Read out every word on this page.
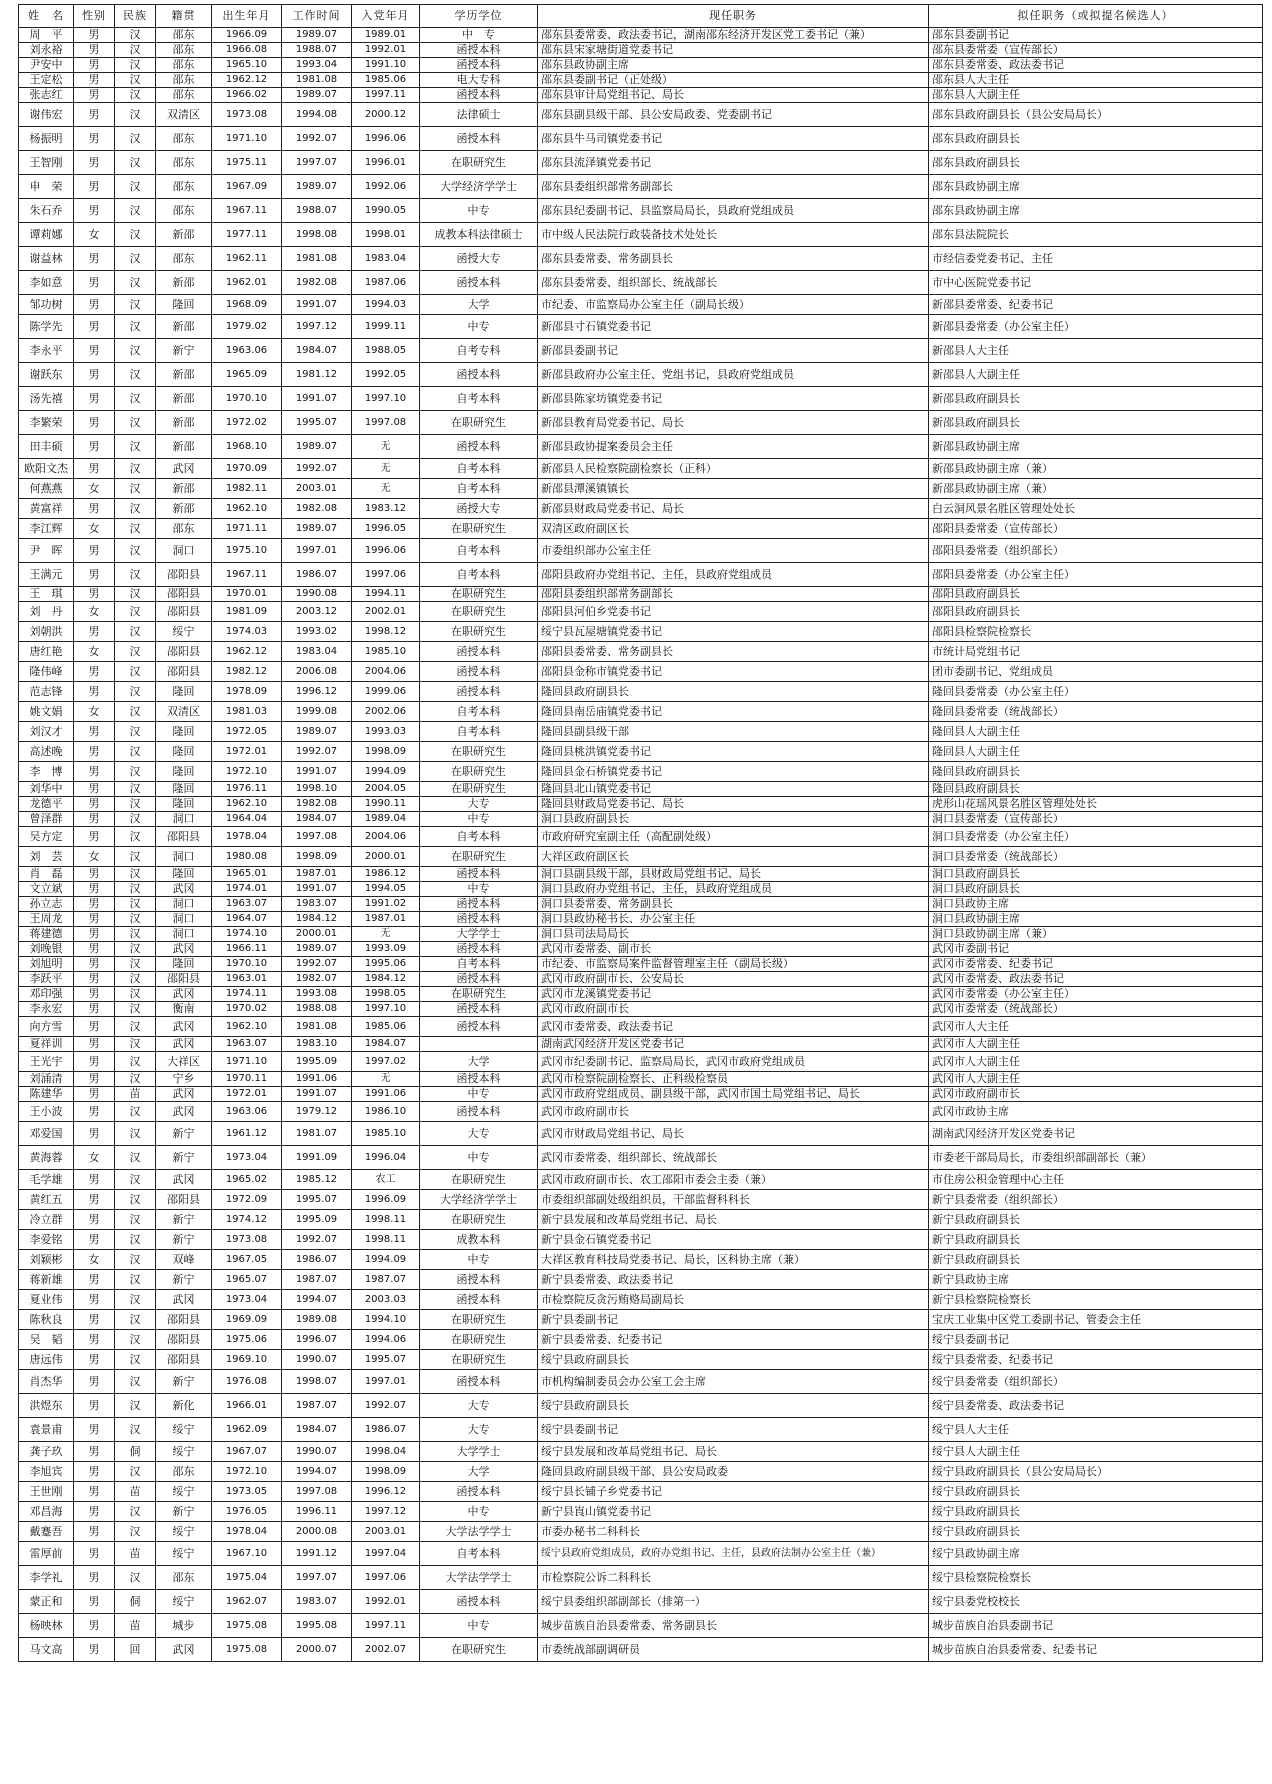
姓　名	性别	民族	籍贯	出生年月	工作时间	入党年月	学历学位	现任职务	拟任职务（或拟提名候选人）
周　平	男	汉	邵东	1966.09	1989.07	1989.01	中　专	邵东县委常委、政法委书记，湖南邵东经济开发区党工委书记（兼）	邵东县委副书记
刘永裕	男	汉	邵东	1966.08	1988.07	1992.01	函授本科	邵东县宋家塘街道党委书记	邵东县委常委（宣传部长）
尹安中	男	汉	邵东	1965.10	1993.04	1991.10	函授本科	邵东县政协副主席	邵东县委常委、政法委书记
王定松	男	汉	邵东	1962.12	1981.08	1985.06	电大专科	邵东县委副书记（正处级）	邵东县人大主任
张志红	男	汉	邵东	1966.02	1989.07	1997.11	函授本科	邵东县审计局党组书记、局长	邵东县人大副主任
谢伟宏	男	汉	双清区	1973.08	1994.08	2000.12	法律硕士	邵东县副县级干部、县公安局政委、党委副书记	邵东县政府副县长（县公安局局长）
杨振明	男	汉	邵东	1971.10	1992.07	1996.06	函授本科	邵东县牛马司镇党委书记	邵东县政府副县长
王智刚	男	汉	邵东	1975.11	1997.07	1996.01	在职研究生	邵东县流泽镇党委书记	邵东县政府副县长
申　荣	男	汉	邵东	1967.09	1989.07	1992.06	大学经济学学士	邵东县委组织部常务副部长	邵东县政协副主席
朱石乔	男	汉	邵东	1967.11	1988.07	1990.05	中专	邵东县纪委副书记、县监察局局长，县政府党组成员	邵东县政协副主席
谭莉娜	女	汉	新邵	1977.11	1998.08	1998.01	成教本科法律硕士	市中级人民法院行政装备技术处处长	邵东县法院院长
谢益林	男	汉	邵东	1962.11	1981.08	1983.04	函授大专	邵东县委常委、常务副县长	市经信委党委书记、主任
李如意	男	汉	新邵	1962.01	1982.08	1987.06	函授本科	邵东县委常委、组织部长、统战部长	市中心医院党委书记
邹功树	男	汉	隆回	1968.09	1991.07	1994.03	大学	市纪委、市监察局办公室主任（副局长级）	新邵县委常委、纪委书记
陈学先	男	汉	新邵	1979.02	1997.12	1999.11	中专	新邵县寸石镇党委书记	新邵县委常委（办公室主任）
李永平	男	汉	新宁	1963.06	1984.07	1988.05	自考专科	新邵县委副书记	新邵县人大主任
谢跃东	男	汉	新邵	1965.09	1981.12	1992.05	函授本科	新邵县政府办公室主任、党组书记，县政府党组成员	新邵县人大副主任
汤先禧	男	汉	新邵	1970.10	1991.07	1997.10	自考本科	新邵县陈家坊镇党委书记	新邵县政府副县长
李繁荣	男	汉	新邵	1972.02	1995.07	1997.08	在职研究生	新邵县教育局党委书记、局长	新邵县政府副县长
田丰硕	男	汉	新邵	1968.10	1989.07	无	函授本科	新邵县政协提案委员会主任	新邵县政协副主席
欧阳文杰	男	汉	武冈	1970.09	1992.07	无	自考本科	新邵县人民检察院副检察长（正科）	新邵县政协副主席（兼）
何燕燕	女	汉	新邵	1982.11	2003.01	无	自考本科	新邵县潭溪镇镇长	新邵县政协副主席（兼）
黄富祥	男	汉	新邵	1962.10	1982.08	1983.12	函授大专	新邵县财政局党委书记、局长	白云洞风景名胜区管理处处长
李江辉	女	汉	邵东	1971.11	1989.07	1996.05	在职研究生	双清区政府副区长	邵阳县委常委（宣传部长）
尹　晖	男	汉	洞口	1975.10	1997.01	1996.06	自考本科	市委组织部办公室主任	邵阳县委常委（组织部长）
王满元	男	汉	邵阳县	1967.11	1986.07	1997.06	自考本科	邵阳县政府办党组书记、主任，县政府党组成员	邵阳县委常委（办公室主任）
王　琪	男	汉	邵阳县	1970.01	1990.08	1994.11	在职研究生	邵阳县委组织部常务副部长	邵阳县政府副县长
刘　丹	女	汉	邵阳县	1981.09	2003.12	2002.01	在职研究生	邵阳县河伯乡党委书记	邵阳县政府副县长
刘朝洪	男	汉	绥宁	1974.03	1993.02	1998.12	在职研究生	绥宁县瓦屋塘镇党委书记	邵阳县检察院检察长
唐红艳	女	汉	邵阳县	1962.12	1983.04	1985.10	函授本科	邵阳县委常委、常务副县长	市统计局党组书记
隆伟峰	男	汉	邵阳县	1982.12	2006.08	2004.06	函授本科	邵阳县金称市镇党委书记	团市委副书记、党组成员
范志锋	男	汉	隆回	1978.09	1996.12	1999.06	函授本科	隆回县政府副县长	隆回县委常委（办公室主任）
姚文娟	女	汉	双清区	1981.03	1999.08	2002.06	自考本科	隆回县南岳庙镇党委书记	隆回县委常委（统战部长）
刘汉才	男	汉	隆回	1972.05	1989.07	1993.03	自考本科	隆回县副县级干部	隆回县人大副主任
高述晚	男	汉	隆回	1972.01	1992.07	1998.09	在职研究生	隆回县桃洪镇党委书记	隆回县人大副主任
李　博	男	汉	隆回	1972.10	1991.07	1994.09	在职研究生	隆回县金石桥镇党委书记	隆回县政府副县长
刘华中	男	汉	隆回	1976.11	1998.10	2004.05	在职研究生	隆回县北山镇党委书记	隆回县政府副县长
龙德平	男	汉	隆回	1962.10	1982.08	1990.11	大专	隆回县财政局党委书记、局长	虎形山花瑶风景名胜区管理处处长
曾泽群	男	汉	洞口	1964.04	1984.07	1989.04	中专	洞口县政府副县长	洞口县委常委（宣传部长）
吴方定	男	汉	邵阳县	1978.04	1997.08	2004.06	自考本科	市政府研究室副主任（高配副处级）	洞口县委常委（办公室主任）
刘　芸	女	汉	洞口	1980.08	1998.09	2000.01	在职研究生	大祥区政府副区长	洞口县委常委（统战部长）
肖　磊	男	汉	隆回	1965.01	1987.01	1986.12	函授本科	洞口县副县级干部，县财政局党组书记、局长	洞口县政府副县长
文立斌	男	汉	武冈	1974.01	1991.07	1994.05	中专	洞口县政府办党组书记、主任，县政府党组成员	洞口县政府副县长
孙立志	男	汉	洞口	1963.07	1983.07	1991.02	函授本科	洞口县委常委、常务副县长	洞口县政协主席
王周龙	男	汉	洞口	1964.07	1984.12	1987.01	函授本科	洞口县政协秘书长、办公室主任	洞口县政协副主席
蒋建德	男	汉	洞口	1974.10	2000.01	无	大学学士	洞口县司法局局长	洞口县政协副主席（兼）
刘晚银	男	汉	武冈	1966.11	1989.07	1993.09	函授本科	武冈市委常委、副市长	武冈市委副书记
刘旭明	男	汉	隆回	1970.10	1992.07	1995.06	自考本科	市纪委、市监察局案件监督管理室主任（副局长级）	武冈市委常委、纪委书记
李跃平	男	汉	邵阳县	1963.01	1982.07	1984.12	函授本科	武冈市政府副市长、公安局长	武冈市委常委、政法委书记
邓印强	男	汉	武冈	1974.11	1993.08	1998.05	在职研究生	武冈市龙溪镇党委书记	武冈市委常委（办公室主任）
李永宏	男	汉	衡南	1970.02	1988.08	1997.10	函授本科	武冈市政府副市长	武冈市委常委（统战部长）
向方雪	男	汉	武冈	1962.10	1981.08	1985.06	函授本科	武冈市委常委、政法委书记	武冈市人大主任
夏祥训	男	汉	武冈	1963.07	1983.10	1984.07		湖南武冈经济开发区党委书记	武冈市人大副主任
王光宇	男	汉	大祥区	1971.10	1995.09	1997.02	大学	武冈市纪委副书记、监察局局长，武冈市政府党组成员	武冈市人大副主任
刘涌清	男	汉	宁乡	1970.11	1991.06	无	函授本科	武冈市检察院副检察长、正科级检察员	武冈市人大副主任
陈建华	男	苗	武冈	1972.01	1991.07	1991.06	中专	武冈市政府党组成员、副县级干部，武冈市国土局党组书记、局长	武冈市政府副市长
王小波	男	汉	武冈	1963.06	1979.12	1986.10	函授本科	武冈市政府副市长	武冈市政协主席
邓爱国	男	汉	新宁	1961.12	1981.07	1985.10	大专	武冈市财政局党组书记、局长	湖南武冈经济开发区党委书记
黄海蓉	女	汉	新宁	1973.04	1991.09	1996.04	中专	武冈市委常委、组织部长、统战部长	市委老干部局局长，市委组织部副部长（兼）
毛学雄	男	汉	武冈	1965.02	1985.12	农工	在职研究生	武冈市政府副市长、农工邵阳市委会主委（兼）	市住房公积金管理中心主任
黄红五	男	汉	邵阳县	1972.09	1995.07	1996.09	大学经济学学士	市委组织部副处级组织员，干部监督科科长	新宁县委常委（组织部长）
冷立群	男	汉	新宁	1974.12	1995.09	1998.11	在职研究生	新宁县发展和改革局党组书记、局长	新宁县政府副县长
李爱铭	男	汉	新宁	1973.08	1992.07	1998.11	成教本科	新宁县金石镇党委书记	新宁县政府副县长
刘颖彬	女	汉	双峰	1967.05	1986.07	1994.09	中专	大祥区教育科技局党委书记、局长，区科协主席（兼）	新宁县政府副县长
蒋新雄	男	汉	新宁	1965.07	1987.07	1987.07	函授本科	新宁县委常委、政法委书记	新宁县政协主席
夏业伟	男	汉	武冈	1973.04	1994.07	2003.03	函授本科	市检察院反贪污贿赂局副局长	新宁县检察院检察长
陈秋良	男	汉	邵阳县	1969.09	1989.08	1994.10	在职研究生	新宁县委副书记	宝庆工业集中区党工委副书记、管委会主任
吴　韬	男	汉	邵阳县	1975.06	1996.07	1994.06	在职研究生	新宁县委常委、纪委书记	绥宁县委副书记
唐远伟	男	汉	邵阳县	1969.10	1990.07	1995.07	在职研究生	绥宁县政府副县长	绥宁县委常委、纪委书记
肖杰华	男	汉	新宁	1976.08	1998.07	1997.01	函授本科	市机构编制委员会办公室工会主席	绥宁县委常委（组织部长）
洪煜东	男	汉	新化	1966.01	1987.07	1992.07	大专	绥宁县政府副县长	绥宁县委常委、政法委书记
袁景甫	男	汉	绥宁	1962.09	1984.07	1986.07	大专	绥宁县委副书记	绥宁县人大主任
龚子玖	男	侗	绥宁	1967.07	1990.07	1998.04	大学学士	绥宁县发展和改革局党组书记、局长	绥宁县人大副主任
李旭宾	男	汉	邵东	1972.10	1994.07	1998.09	大学	隆回县政府副县级干部、县公安局政委	绥宁县政府副县长（县公安局局长）
王世刚	男	苗	绥宁	1973.05	1997.08	1996.12	函授本科	绥宁县长铺子乡党委书记	绥宁县政府副县长
邓昌海	男	汉	新宁	1976.05	1996.11	1997.12	中专	新宁县崀山镇党委书记	绥宁县政府副县长
戴蹇吾	男	汉	绥宁	1978.04	2000.08	2003.01	大学法学学士	市委办秘书二科科长	绥宁县政府副县长
雷厚前	男	苗	绥宁	1967.10	1991.12	1997.04	自考本科	绥宁县政府党组成员，政府办党组书记、主任，县政府法制办公室主任（兼）	绥宁县政协副主席
李学礼	男	汉	邵东	1975.04	1997.07	1997.06	大学法学学士	市检察院公诉二科科长	绥宁县检察院检察长
蒙正和	男	侗	绥宁	1962.07	1983.07	1992.01	函授本科	绥宁县委组织部副部长（排第一）	绥宁县委党校校长
杨映林	男	苗	城步	1975.08	1995.08	1997.11	中专	城步苗族自治县委常委、常务副县长	城步苗族自治县委副书记
马文高	男	回	武冈	1975.08	2000.07	2002.07	在职研究生	市委统战部副调研员	城步苗族自治县委常委、纪委书记
